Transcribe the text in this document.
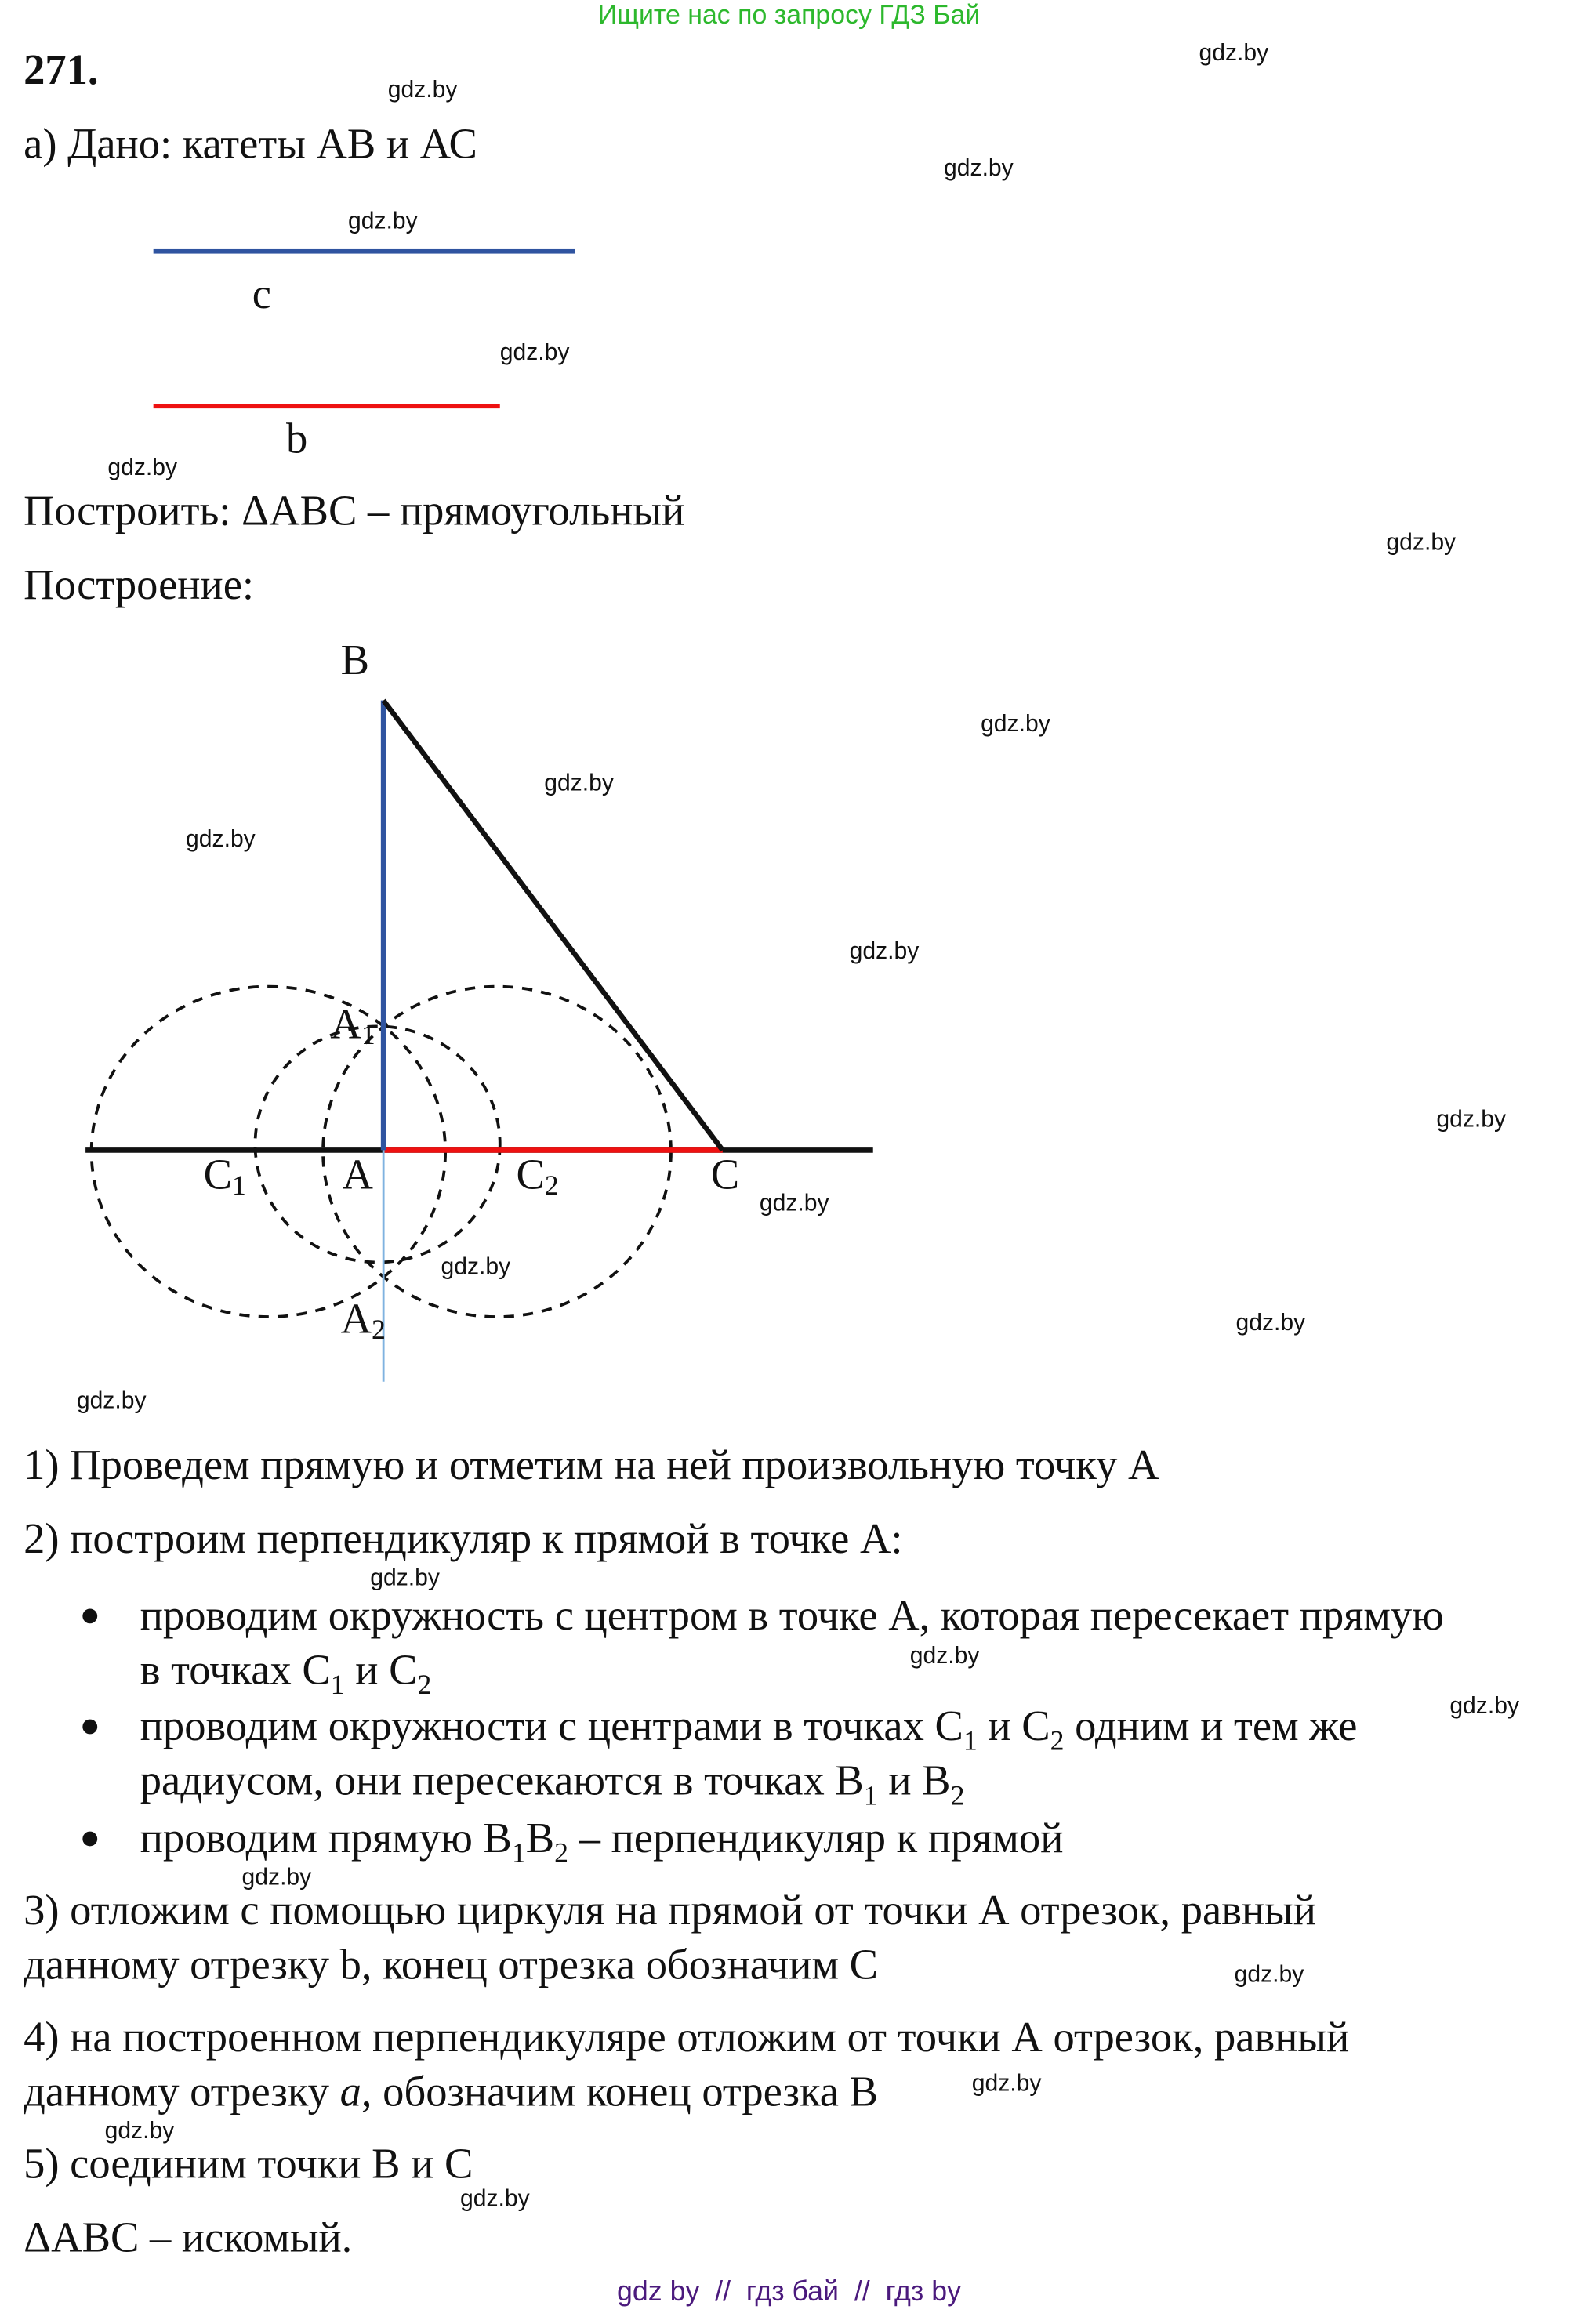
Ищите нас по запросу ГДЗ Бай
271.
а) Дано: катеты АВ и АС
c
b
Построить: ΔАВС – прямоугольный
Построение:
B
A	C
C1	C2
A1
A2
1) Проведем прямую и отметим на ней произвольную точку А
2) построим перпендикуляр к прямой в точке А:
проводим окружность с центром в точке А, которая пересекает прямую
в точках $С_1$ и $С_2$
проводим окружности с центрами в точках $С_1$ и $С_2$ одним и тем же
радиусом, они пересекаются в точках $В_1$ и $В_2$
проводим прямую $В_1В_2$ – перпендикуляр к прямой
3) отложим с помощью циркуля на прямой от точки А отрезок, равный
данному отрезку b, конец отрезка обозначим С
4) на построенном перпендикуляре отложим от точки А отрезок, равный
данному отрезку a, обозначим конец отрезка В
5) соединим точки В и С
ΔАВС – искомый.
gdz.by
gdz.by
gdz.by
gdz.by
gdz.by
gdz.by
gdz.by
gdz.by
gdz.by
gdz.by
gdz.by
gdz.by
gdz.by
gdz.by
gdz.by
gdz.by
gdz.by
gdz.by
gdz.by
gdz.by
gdz.by
gdz.by
gdz.by
gdz.by
gdz by  //  гдз бай  //  гдз by
